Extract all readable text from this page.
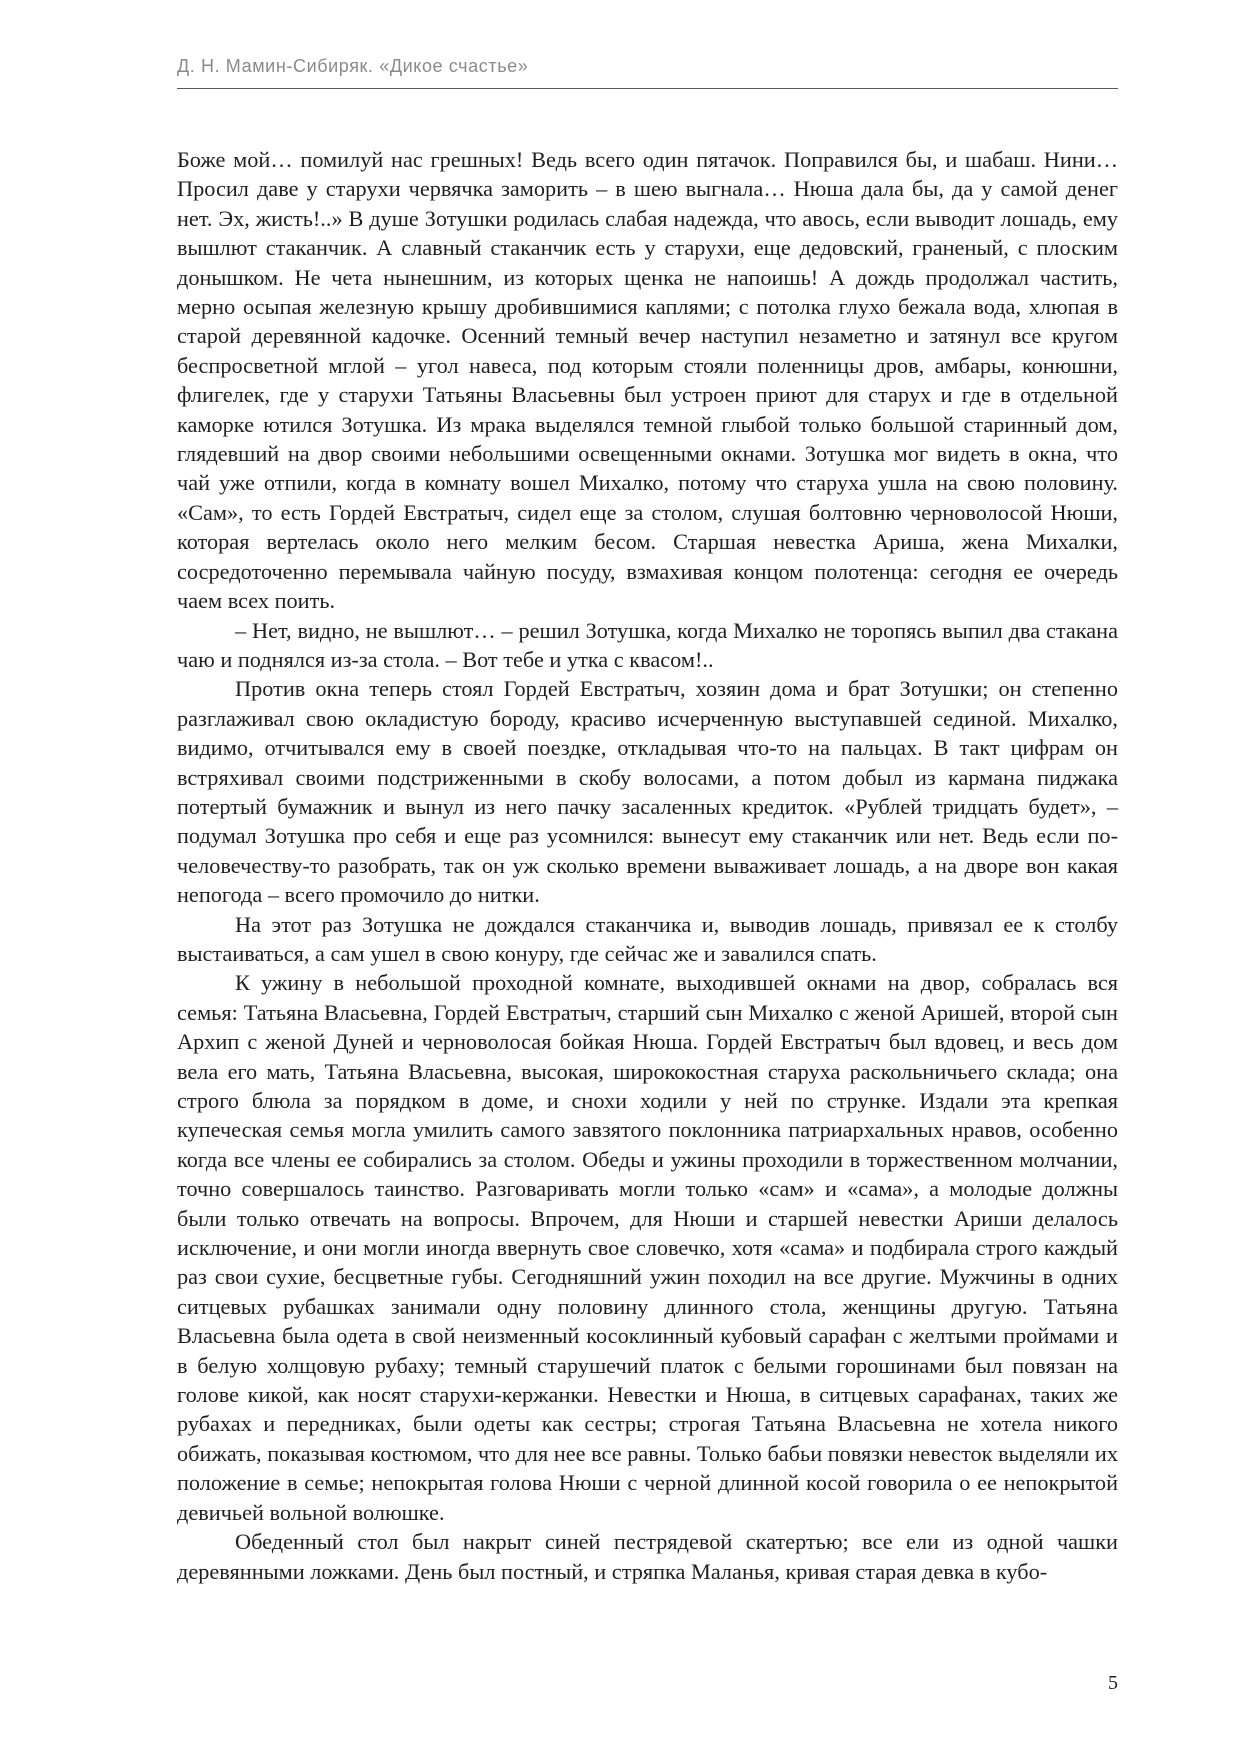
Д. Н. Мамин-Сибиряк. «Дикое счастье»

Боже мой… помилуй нас грешных! Ведь всего один пятачок. Поправился бы, и шабаш. Нини… Просил даве у старухи червячка заморить – в шею выгнала… Нюша дала бы, да у самой денег нет. Эх, жисть!..» В душе Зотушки родилась слабая надежда, что авось, если выводит лошадь, ему вышлют стаканчик. А славный стаканчик есть у старухи, еще дедовский, граненый, с плоским донышком. Не чета нынешним, из которых щенка не напоишь! А дождь продолжал частить, мерно осыпая железную крышу дробившимися каплями; с потолка глухо бежала вода, хлюпая в старой деревянной кадочке. Осенний темный вечер наступил незаметно и затянул все кругом беспросветной мглой – угол навеса, под которым стояли поленницы дров, амбары, конюшни, флигелек, где у старухи Татьяны Власьевны был устроен приют для старух и где в отдельной каморке ютился Зотушка. Из мрака выделялся темной глыбой только большой старинный дом, глядевший на двор своими небольшими освещенными окнами. Зотушка мог видеть в окна, что чай уже отпили, когда в комнату вошел Михалко, потому что старуха ушла на свою половину. «Сам», то есть Гордей Евстратыч, сидел еще за столом, слушая болтовню черноволосой Нюши, которая вертелась около него мелким бесом. Старшая невестка Ариша, жена Михалки, сосредоточенно перемывала чайную посуду, взмахивая концом полотенца: сегодня ее очередь чаем всех поить.

– Нет, видно, не вышлют… – решил Зотушка, когда Михалко не торопясь выпил два стакана чаю и поднялся из-за стола. – Вот тебе и утка с квасом!..

Против окна теперь стоял Гордей Евстратыч, хозяин дома и брат Зотушки; он степенно разглаживал свою окладистую бороду, красиво исчерченную выступавшей сединой. Михалко, видимо, отчитывался ему в своей поездке, откладывая что-то на пальцах. В такт цифрам он встряхивал своими подстриженными в скобу волосами, а потом добыл из кармана пиджака потертый бумажник и вынул из него пачку засаленных кредиток. «Рублей тридцать будет», – подумал Зотушка про себя и еще раз усомнился: вынесут ему стаканчик или нет. Ведь если по-человечеству-то разобрать, так он уж сколько времени вываживает лошадь, а на дворе вон какая непогода – всего промочило до нитки.

На этот раз Зотушка не дождался стаканчика и, выводив лошадь, привязал ее к столбу выстаиваться, а сам ушел в свою конуру, где сейчас же и завалился спать.

К ужину в небольшой проходной комнате, выходившей окнами на двор, собралась вся семья: Татьяна Власьевна, Гордей Евстратыч, старший сын Михалко с женой Аришей, второй сын Архип с женой Дуней и черноволосая бойкая Нюша. Гордей Евстратыч был вдовец, и весь дом вела его мать, Татьяна Власьевна, высокая, ширококостная старуха раскольничьего склада; она строго блюла за порядком в доме, и снохи ходили у ней по струнке. Издали эта крепкая купеческая семья могла умилить самого завзятого поклонника патриархальных нравов, особенно когда все члены ее собирались за столом. Обеды и ужины проходили в торжественном молчании, точно совершалось таинство. Разговаривать могли только «сам» и «сама», а молодые должны были только отвечать на вопросы. Впрочем, для Нюши и старшей невестки Ариши делалось исключение, и они могли иногда ввернуть свое словечко, хотя «сама» и подбирала строго каждый раз свои сухие, бесцветные губы. Сегодняшний ужин походил на все другие. Мужчины в одних ситцевых рубашках занимали одну половину длинного стола, женщины другую. Татьяна Власьевна была одета в свой неизменный косоклинный кубовый сарафан с желтыми проймами и в белую холщовую рубаху; темный старушечий платок с белыми горошинами был повязан на голове кикой, как носят старухи-кержанки. Невестки и Нюша, в ситцевых сарафанах, таких же рубахах и передниках, были одеты как сестры; строгая Татьяна Власьевна не хотела никого обижать, показывая костюмом, что для нее все равны. Только бабьи повязки невесток выделяли их положение в семье; непокрытая голова Нюши с черной длинной косой говорила о ее непокрытой девичьей вольной волюшке.

Обеденный стол был накрыт синей пестрядевой скатертью; все ели из одной чашки деревянными ложками. День был постный, и стряпка Маланья, кривая старая девка в кубо-

5
